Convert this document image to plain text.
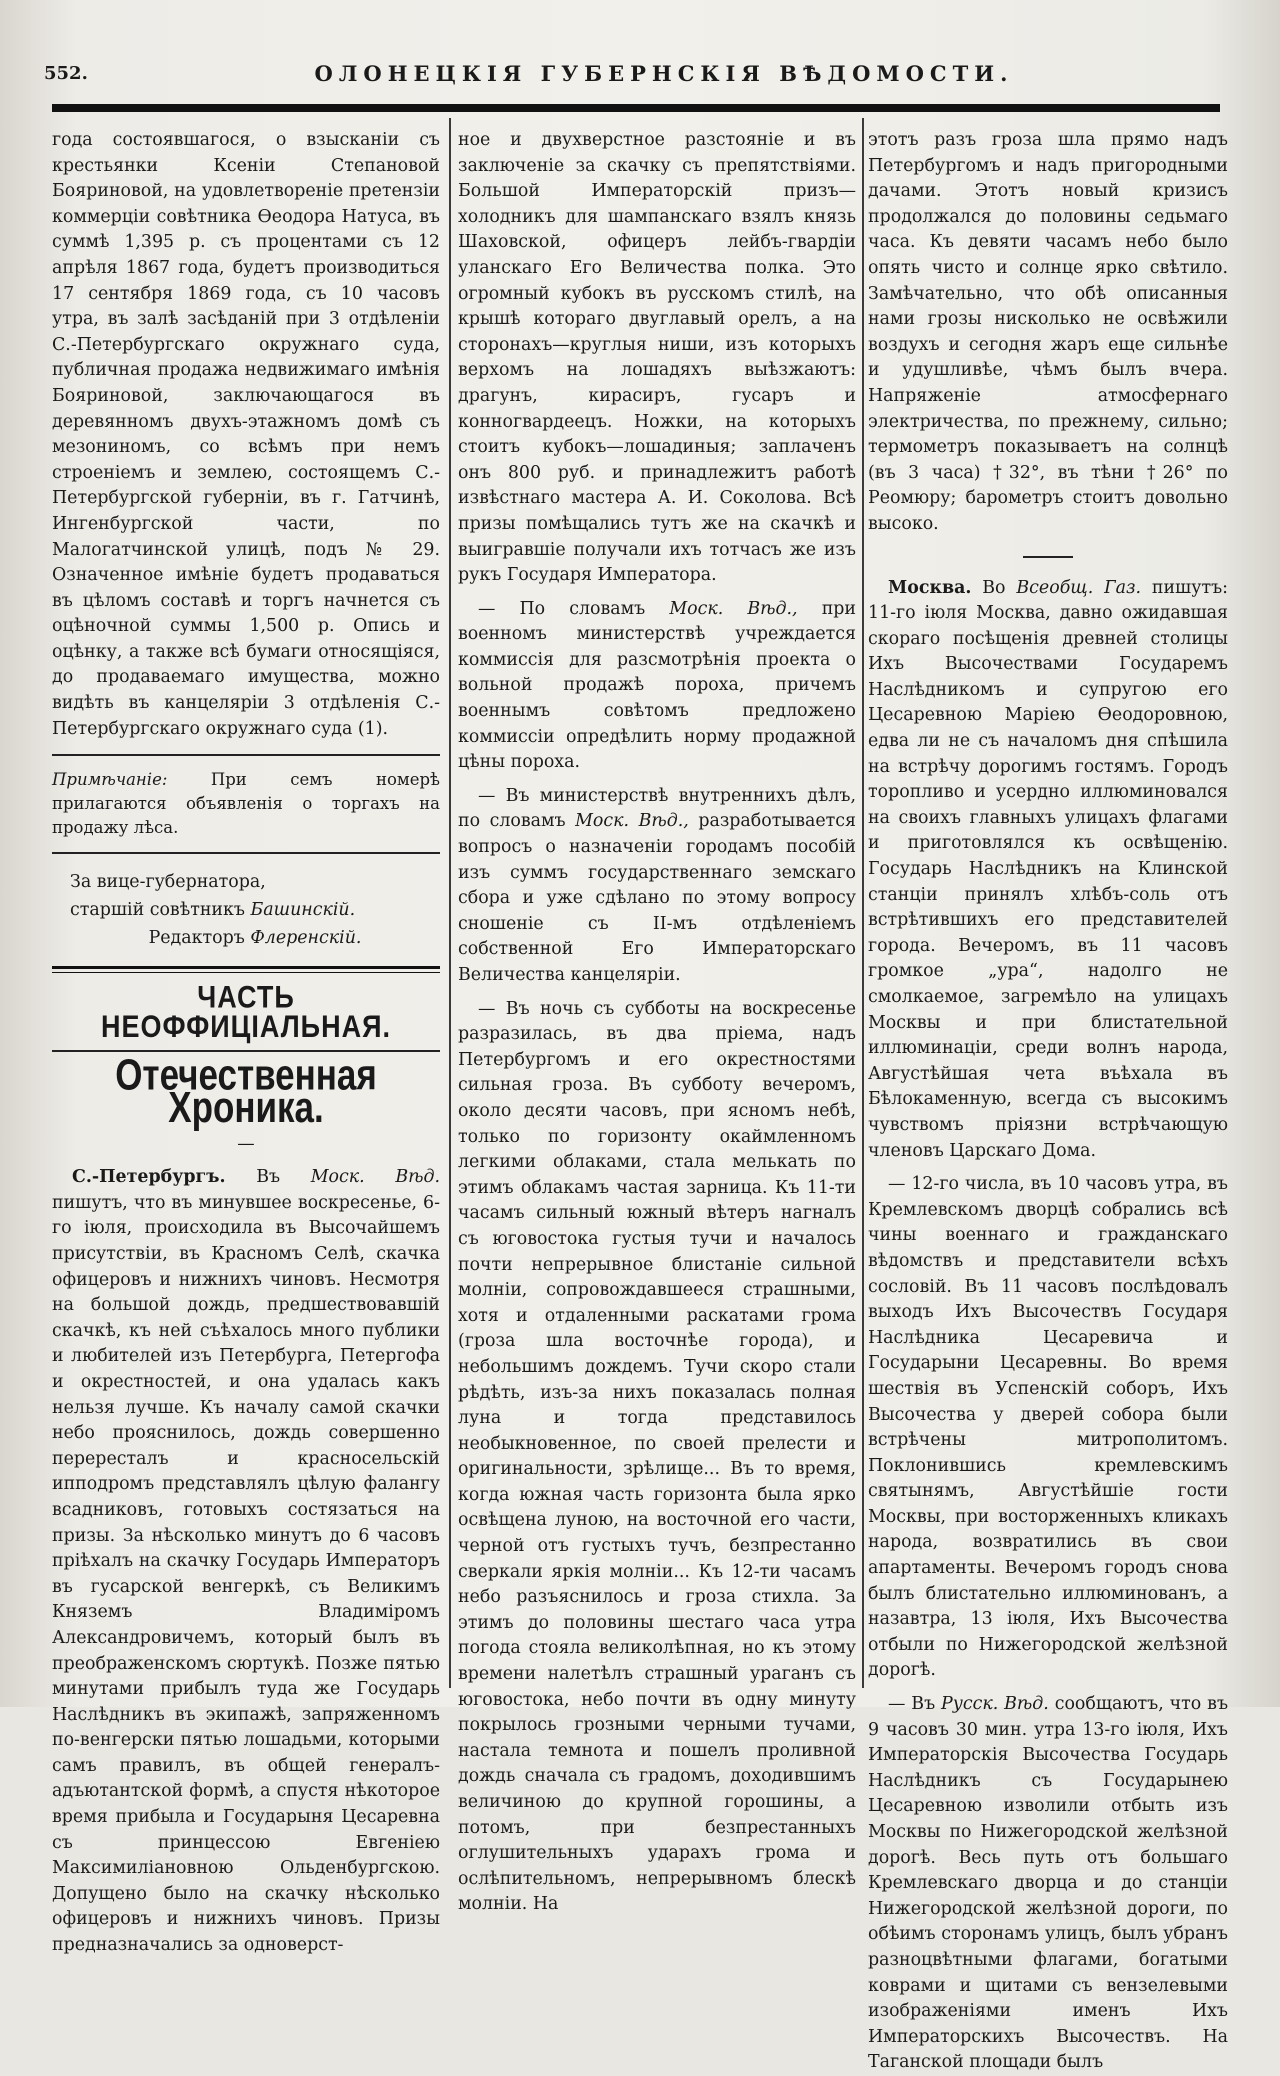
552.	ОЛОНЕЦКІЯ ГУБЕРНСКІЯ ВѢДОМОСТИ.

года состоявшагося, о взысканіи съ крестьянки Ксеніи Степановой Бояриновой, на удовлетвореніе претензіи коммерціи совѣтника Ѳеодора Натуса, въ суммѣ 1,395 р. съ процентами съ 12 апрѣля 1867 года, будетъ производиться 17 сентября 1869 года, съ 10 часовъ утра, въ залѣ засѣданій при 3 отдѣленіи С.-Петербургскаго окружнаго суда, публичная продажа недвижимаго имѣнія Бояриновой, заключающагося въ деревянномъ двухъ-этажномъ домѣ съ мезониномъ, со всѣмъ при немъ строеніемъ и землею, состоящемъ С.-Петербургской губерніи, въ г. Гатчинѣ, Ингенбургской части, по Малогатчинской улицѣ, подъ № 29. Означенное имѣніе будетъ продаваться въ цѣломъ составѣ и торгъ начнется съ оцѣночной суммы 1,500 р. Опись и оцѣнку, а также всѣ бумаги относящіяся, до продаваемаго имущества, можно видѣть въ канцеляріи 3 отдѣленія С.-Петербургскаго окружнаго суда (1).

Примѣчаніе:	При семъ номерѣ прилагаются объявленія о торгахъ на продажу лѣса.

За вице-губернатора,
старшій совѣтникъ Башинскій.
Редакторъ Флеренскій.
ЧАСТЬ НЕОФФИЦІАЛЬНАЯ.
Отечественная Хроника.
—

С.-Петербургъ. Въ Моск. Вѣд. пишутъ, что въ минувшее воскресенье, 6-го іюля, происходила въ Высочайшемъ присутствіи, въ Красномъ Селѣ, скачка офицеровъ и нижнихъ чиновъ. Несмотря на большой дождь, предшествовавшій скачкѣ, къ ней съѣхалось много публики и любителей изъ Петербурга, Петергофа и окрестностей, и она удалась какъ нельзя лучше. Къ началу самой скачки небо прояснилось, дождь совершенно перересталъ и красносельскій ипподромъ представлялъ цѣлую фалангу всадниковъ, готовыхъ состязаться на призы. За нѣсколько минутъ до 6 часовъ пріѣхалъ на скачку Государь Императоръ въ гусарской венгеркѣ, съ Великимъ Княземъ Владиміромъ Александровичемъ, который былъ въ преображенскомъ сюртукѣ. Позже пятью минутами прибылъ туда же Государь Наслѣдникъ въ экипажѣ, запряженномъ по-венгерски пятью лошадьми, которыми самъ правилъ, въ общей генералъ-адъютантской формѣ, а спустя нѣкоторое время прибыла и Государыня Цесаревна съ принцессою Евгеніею Максимиліановною Ольденбургскою. Допущено было на скачку нѣсколько офицеровъ и нижнихъ чиновъ. Призы предназначались за одноверст-

ное и двухверстное разстояніе и въ заключеніе за скачку съ препятствіями. Большой Императорскій призъ—холодникъ для шампанскаго взялъ князь Шаховской, офицеръ лейбъ-гвардіи уланскаго Его Величества полка. Это огромный кубокъ въ русскомъ стилѣ, на крышѣ котораго двуглавый орелъ, а на сторонахъ—круглыя ниши, изъ которыхъ верхомъ на лошадяхъ выѣзжаютъ: драгунъ, кирасиръ, гусаръ и конногвардеецъ. Ножки, на которыхъ стоитъ кубокъ—лошадиныя; заплаченъ онъ 800 руб. и принадлежитъ работѣ извѣстнаго мастера А. И. Соколова. Всѣ призы помѣщались тутъ же на скачкѣ и выигравшіе получали ихъ тотчасъ же изъ рукъ Государя Императора.

— По словамъ Моск. Вѣд., при военномъ министерствѣ учреждается коммиссія для разсмотрѣнія проекта о вольной продажѣ пороха, причемъ военнымъ совѣтомъ предложено коммиссіи опредѣлить норму продажной цѣны пороха.

— Въ министерствѣ внутреннихъ дѣлъ, по словамъ Моск. Вѣд., разработывается вопросъ о назначеніи городамъ пособій изъ суммъ государственнаго земскаго сбора и уже сдѣлано по этому вопросу сношеніе съ II-мъ отдѣленіемъ собственной Его Императорскаго Величества канцеляріи.

— Въ ночь съ субботы на воскресенье разразилась, въ два пріема, надъ Петербургомъ и его окрестностями сильная гроза. Въ субботу вечеромъ, около десяти часовъ, при ясномъ небѣ, только по горизонту окаймленномъ легкими облаками, стала мелькать по этимъ облакамъ частая зарница. Къ 11-ти часамъ сильный южный вѣтеръ нагналъ съ юговостока густыя тучи и началось почти непрерывное блистаніе сильной молніи, сопровождавшееся страшными, хотя и отдаленными раскатами грома (гроза шла восточнѣе города), и небольшимъ дождемъ. Тучи скоро стали рѣдѣть, изъ-за нихъ показалась полная луна и тогда представилось необыкновенное, по своей прелести и оригинальности, зрѣлище... Въ то время, когда южная часть горизонта была ярко освѣщена луною, на восточной его части, черной отъ густыхъ тучъ, безпрестанно сверкали яркія молніи... Къ 12-ти часамъ небо разъяснилось и гроза стихла. За этимъ до половины шестаго часа утра погода стояла великолѣпная, но къ этому времени налетѣлъ страшный ураганъ съ юговостока, небо почти въ одну минуту покрылось грозными черными тучами, настала темнота и пошелъ проливной дождь сначала съ градомъ, доходившимъ величиною до крупной горошины, а потомъ, при безпрестанныхъ оглушительныхъ ударахъ грома и ослѣпительномъ, непрерывномъ блескѣ молніи. На

этотъ разъ гроза шла прямо надъ Петербургомъ и надъ пригородными дачами. Этотъ новый кризисъ продолжался до половины седьмаго часа. Къ девяти часамъ небо было опять чисто и солнце ярко свѣтило. Замѣчательно, что обѣ описанныя нами грозы нисколько не освѣжили воздухъ и сегодня жаръ еще сильнѣе и удушливѣе, чѣмъ былъ вчера. Напряженіе атмосфернаго электричества, по прежнему, сильно; термометръ показываетъ на солнцѣ (въ 3 часа) †32°, въ тѣни †26° по Реомюру; барометръ стоитъ довольно высоко.

Москва. Во Всеобщ. Газ. пишутъ: 11-го іюля Москва, давно ожидавшая скораго посѣщенія древней столицы Ихъ Высочествами Государемъ Наслѣдникомъ и супругою его Цесаревною Маріею Ѳеодоровною, едва ли не съ началомъ дня спѣшила на встрѣчу дорогимъ гостямъ. Городъ торопливо и усердно иллюминовался на своихъ главныхъ улицахъ флагами и приготовлялся къ освѣщенію. Государь Наслѣдникъ на Клинской станціи принялъ хлѣбъ-соль отъ встрѣтившихъ его представителей города. Вечеромъ, въ 11 часовъ громкое „ура“, надолго не смолкаемое, загремѣло на улицахъ Москвы и при блистательной иллюминаціи, среди волнъ народа, Августѣйшая чета въѣхала въ Бѣлокаменную, всегда съ высокимъ чувствомъ пріязни встрѣчающую членовъ Царскаго Дома.

— 12-го числа, въ 10 часовъ утра, въ Кремлевскомъ дворцѣ собрались всѣ чины военнаго и гражданскаго вѣдомствъ и представители всѣхъ сословій. Въ 11 часовъ послѣдовалъ выходъ Ихъ Высочествъ Государя Наслѣдника Цесаревича и Государыни Цесаревны. Во время шествія въ Успенскій соборъ, Ихъ Высочества у дверей собора были встрѣчены митрополитомъ. Поклонившись кремлевскимъ святынямъ, Августѣйшіе гости Москвы, при восторженныхъ кликахъ народа, возвратились въ свои апартаменты. Вечеромъ городъ снова былъ блистательно иллюминованъ, а назавтра, 13 іюля, Ихъ Высочества отбыли по Нижегородской желѣзной дорогѣ.

— Въ Русск. Вѣд. сообщаютъ, что въ 9 часовъ 30 мин. утра 13-го іюля, Ихъ Императорскія Высочества Государь Наслѣдникъ съ Государынею Цесаревною изволили отбыть изъ Москвы по Нижегородской желѣзной дорогѣ. Весь путь отъ большаго Кремлевскаго дворца и до станціи Нижегородской желѣзной дороги, по обѣимъ сторонамъ улицъ, былъ убранъ разноцвѣтными флагами, богатыми коврами и щитами съ вензелевыми изображеніями именъ Ихъ Императорскихъ Высочествъ. На Таганской площади былъ
